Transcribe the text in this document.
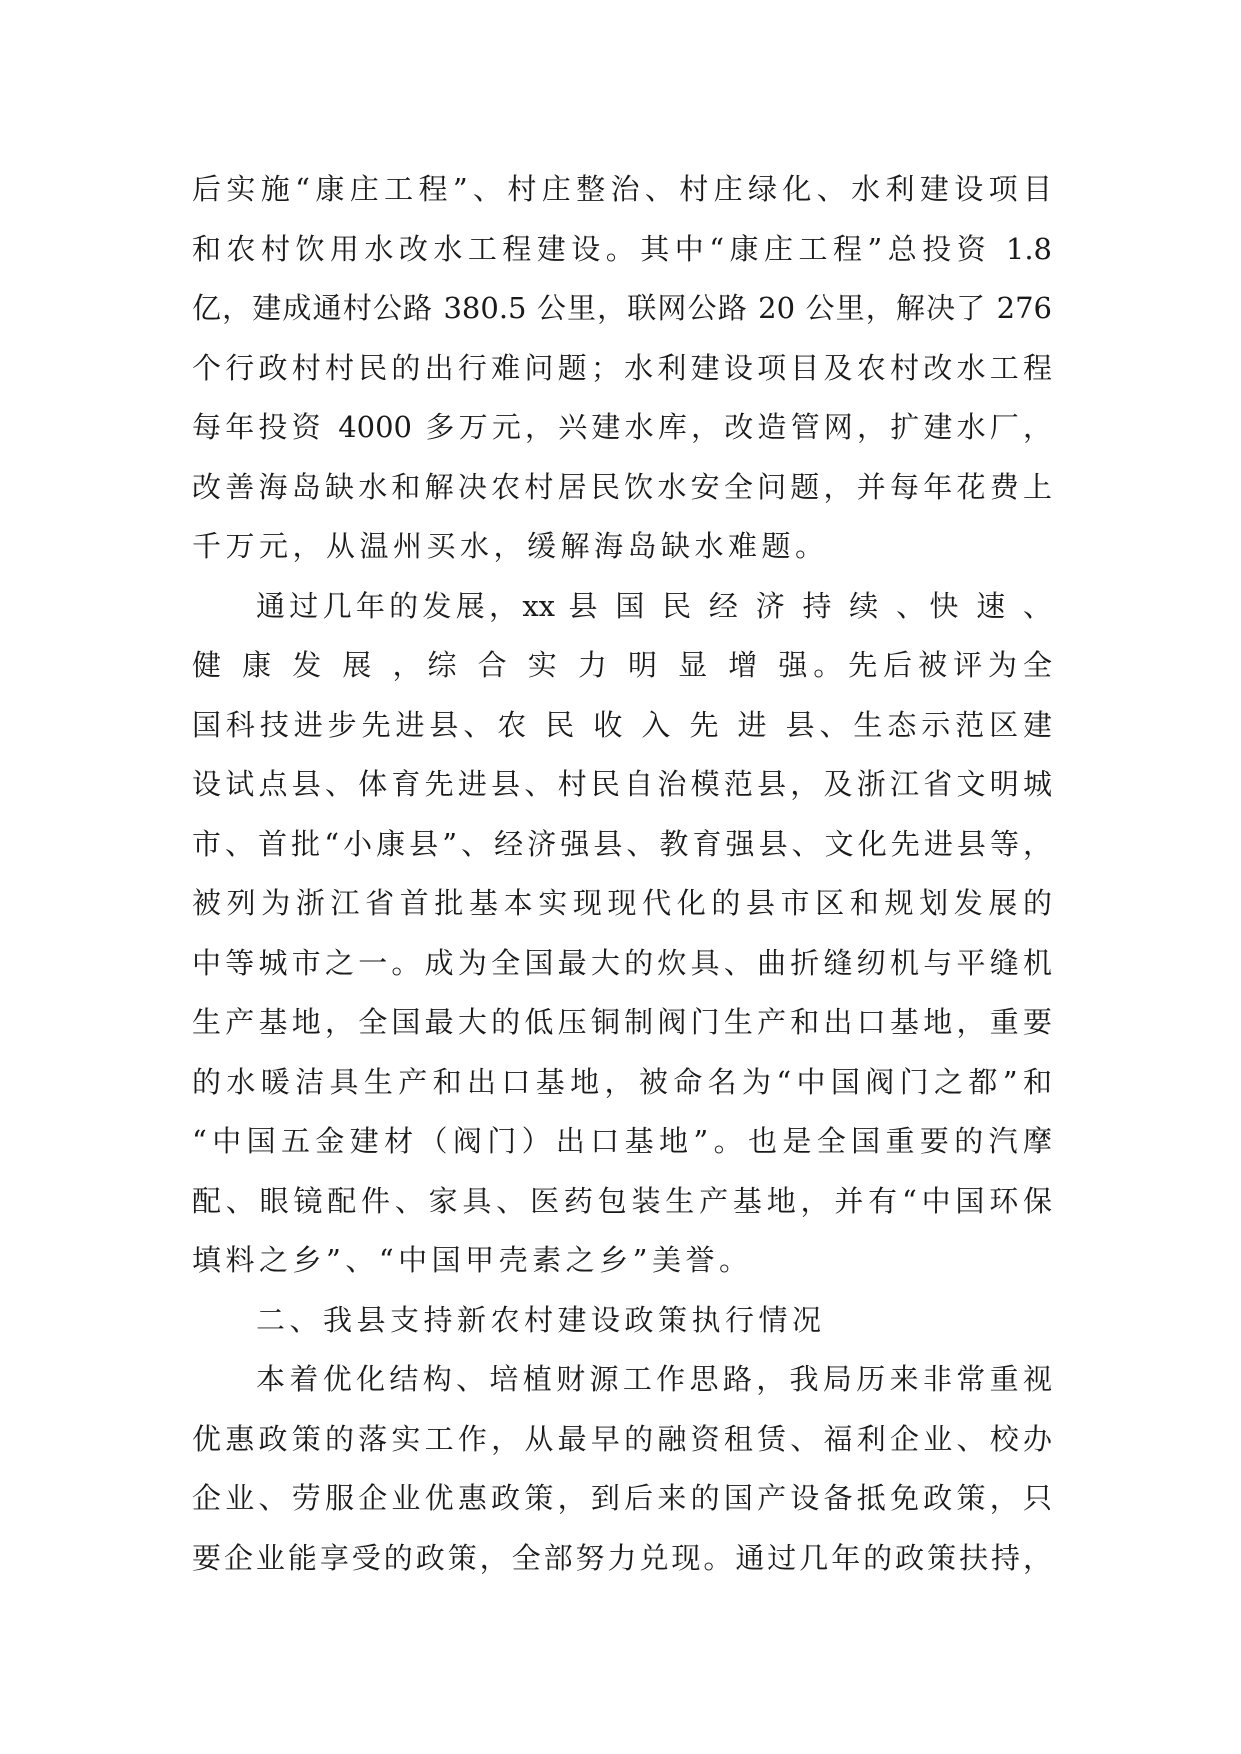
后实施“康庄工程”、村庄整治、村庄绿化、水利建设项目
和农村饮用水改水工程建设。其中“康庄工程”总投资 1.8
亿，建成通村公路 380.5 公里，联网公路 20 公里，解决了 276
个行政村村民的出行难问题；水利建设项目及农村改水工程
每年投资 4000 多万元，兴建水库，改造管网，扩建水厂，
改善海岛缺水和解决农村居民饮水安全问题，并每年花费上
千万元，从温州买水，缓解海岛缺水难题。
通过几年的发展，xx 县 国 民 经 济 持 续 、快 速 、
健 康 发 展 ，综 合 实 力 明 显 增 强。先后被评为全
国科技进步先进县、农 民 收 入 先 进 县、生态示范区建
设试点县、体育先进县、村民自治模范县，及浙江省文明城
市、首批“小康县”、经济强县、教育强县、文化先进县等，
被列为浙江省首批基本实现现代化的县市区和规划发展的
中等城市之一。成为全国最大的炊具、曲折缝纫机与平缝机
生产基地，全国最大的低压铜制阀门生产和出口基地，重要
的水暖洁具生产和出口基地，被命名为“中国阀门之都”和
“中国五金建材（阀门）出口基地”。也是全国重要的汽摩
配、眼镜配件、家具、医药包装生产基地，并有“中国环保
填料之乡”、“中国甲壳素之乡”美誉。
二、我县支持新农村建设政策执行情况
本着优化结构、培植财源工作思路，我局历来非常重视
优惠政策的落实工作，从最早的融资租赁、福利企业、校办
企业、劳服企业优惠政策，到后来的国产设备抵免政策，只
要企业能享受的政策，全部努力兑现。通过几年的政策扶持，
